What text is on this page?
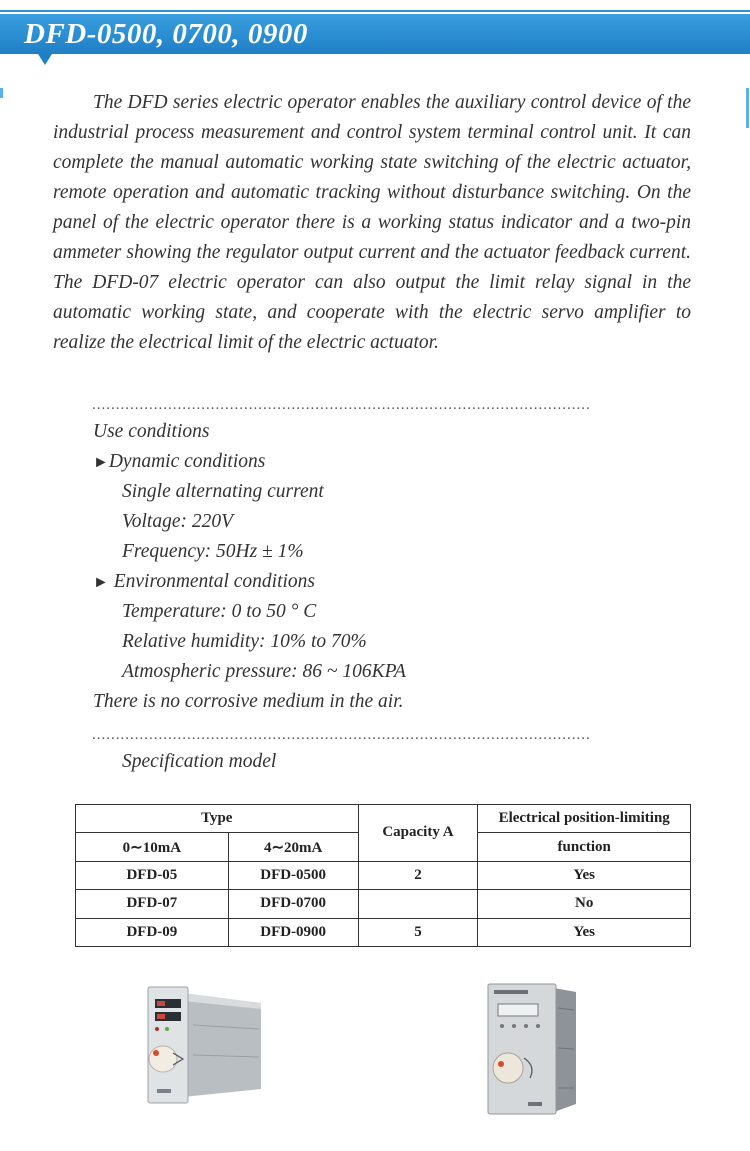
DFD-0500, 0700, 0900

The DFD series electric operator enables the auxiliary control device of the industrial process measurement and control system terminal control unit. It can complete the manual automatic working state switching of the electric actuator, remote operation and automatic tracking without disturbance switching. On the panel of the electric operator there is a working status indicator and a two-pin ammeter showing the regulator output current and the actuator feedback current. The DFD-07 electric operator can also output the limit relay signal in the automatic working state, and cooperate with the electric servo amplifier to realize the electrical limit of the electric actuator.

.........................................................................................................
Use conditions
►Dynamic conditions
Single alternating current
Voltage: 220V
Frequency: 50Hz ± 1%
► Environmental conditions
Temperature: 0 to 50 ° C
Relative humidity: 10% to 70%
Atmospheric pressure: 86 ~ 106KPA
There is no corrosive medium in the air.
.........................................................................................................
Specification model
Type		Capacity A	Electrical position-limiting
0∼10mA	4∼20mA		function
DFD-05	DFD-0500	2	Yes
DFD-07	DFD-0700		No
DFD-09	DFD-0900	5	Yes
